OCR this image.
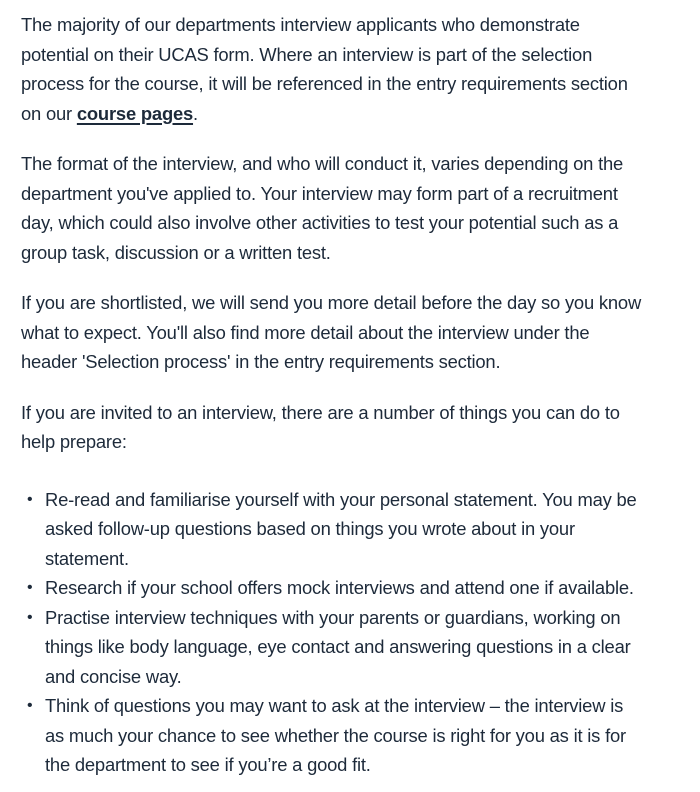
The majority of our departments interview applicants who demonstrate potential on their UCAS form. Where an interview is part of the selection process for the course, it will be referenced in the entry requirements section on our course pages.

The format of the interview, and who will conduct it, varies depending on the department you've applied to. Your interview may form part of a recruitment day, which could also involve other activities to test your potential such as a group task, discussion or a written test.

If you are shortlisted, we will send you more detail before the day so you know what to expect. You'll also find more detail about the interview under the header 'Selection process' in the entry requirements section.

If you are invited to an interview, there are a number of things you can do to help prepare:

• Re-read and familiarise yourself with your personal statement. You may be asked follow-up questions based on things you wrote about in your statement.
• Research if your school offers mock interviews and attend one if available.
• Practise interview techniques with your parents or guardians, working on things like body language, eye contact and answering questions in a clear and concise way.
• Think of questions you may want to ask at the interview – the interview is as much your chance to see whether the course is right for you as it is for the department to see if you’re a good fit.
